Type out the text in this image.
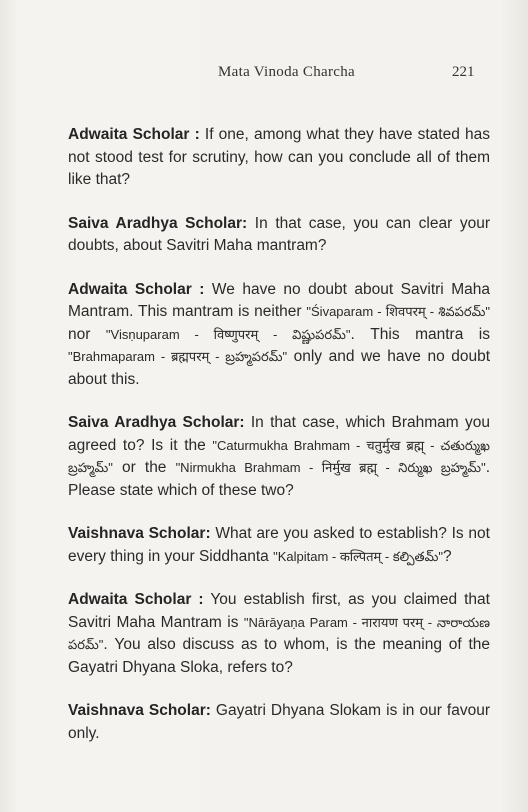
Mata Vinoda Charcha	221

Adwaita Scholar : If one, among what they have stated has not stood test for scrutiny, how can you conclude all of them like that?

Saiva Aradhya Scholar: In that case, you can clear your doubts, about Savitri Maha mantram?

Adwaita Scholar : We have no doubt about Savitri Maha Mantram. This mantram is neither "Śivaparam - शिवपरम् - శివపరమ్" nor "Visṇuparam - विष्णुपरम् - విష్ణుపరమ్". This mantra is "Brahmaparam - ब्रह्मपरम् - బ్రహ్మపరమ్" only and we have no doubt about this.

Saiva Aradhya Scholar: In that case, which Brahmam you agreed to? Is it the "Caturmukha Brahmam - चतुर्मुख ब्रह्म् - చతుర్ముఖ బ్రహ్మమ్" or the "Nirmukha Brahmam - निर्मुख ब्रह्म् - నిర్ముఖ బ్రహ్మమ్". Please state which of these two?

Vaishnava Scholar: What are you asked to establish? Is not every thing in your Siddhanta "Kalpitam - कल्पितम् - కల్పితమ్"?

Adwaita Scholar : You establish first, as you claimed that Savitri Maha Mantram is "Nārāyaṇa Param - नारायण परम् - నారాయణ పరమ్". You also discuss as to whom, is the meaning of the Gayatri Dhyana Sloka, refers to?

Vaishnava Scholar: Gayatri Dhyana Slokam is in our favour only.
